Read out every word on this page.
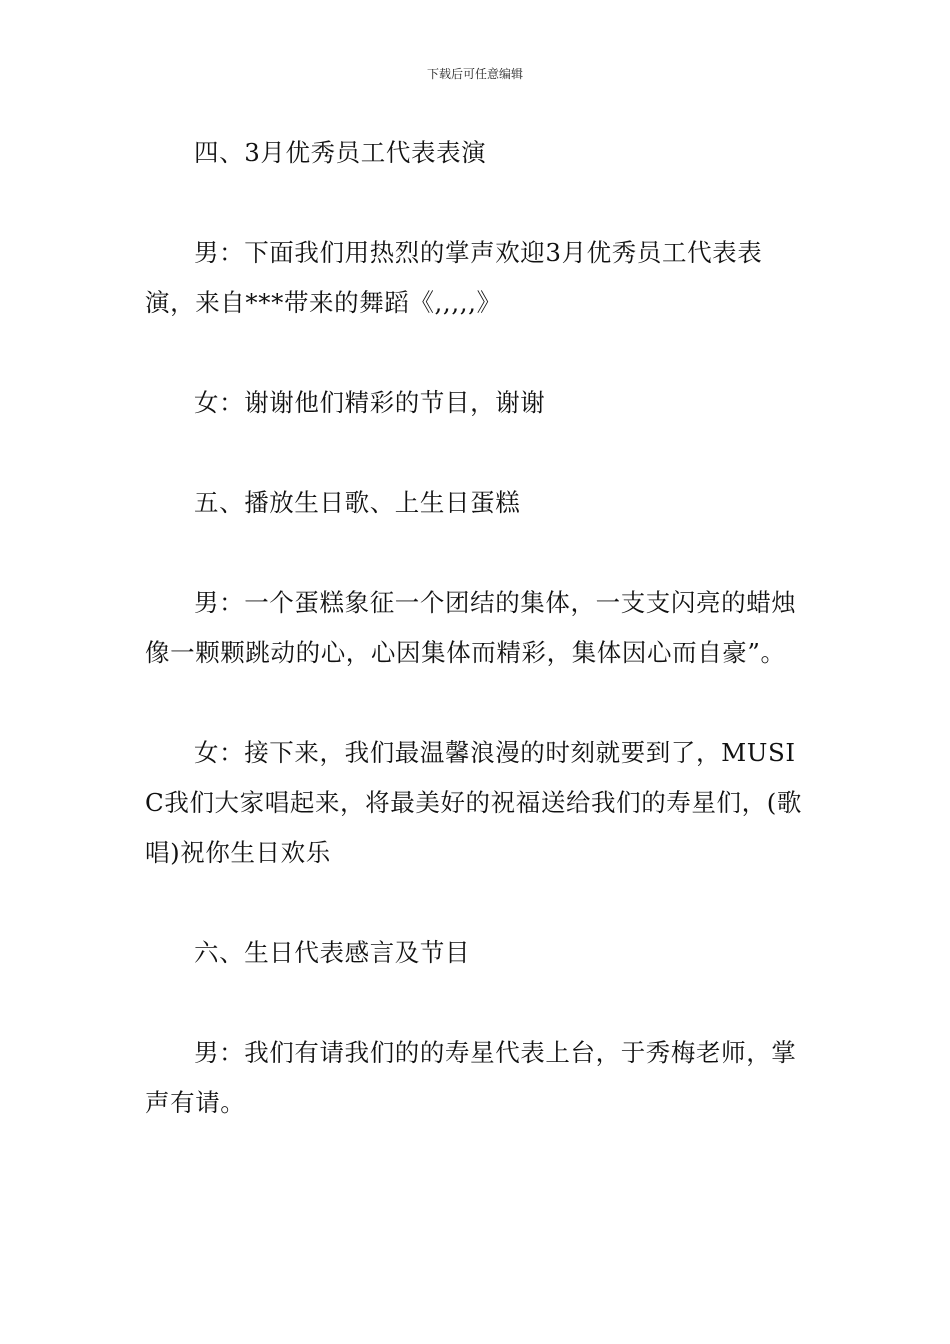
下载后可任意编辑

四、3月优秀员工代表表演

男：下面我们用热烈的掌声欢迎3月优秀员工代表表演，来自***带来的舞蹈《,,,,,》

女：谢谢他们精彩的节目，谢谢

五、播放生日歌、上生日蛋糕

男：一个蛋糕象征一个团结的集体，一支支闪亮的蜡烛像一颗颗跳动的心，心因集体而精彩，集体因心而自豪”。

女：接下来，我们最温馨浪漫的时刻就要到了，MUSIC我们大家唱起来，将最美好的祝福送给我们的寿星们，(歌唱)祝你生日欢乐

六、生日代表感言及节目

男：我们有请我们的的寿星代表上台，于秀梅老师，掌声有请。
